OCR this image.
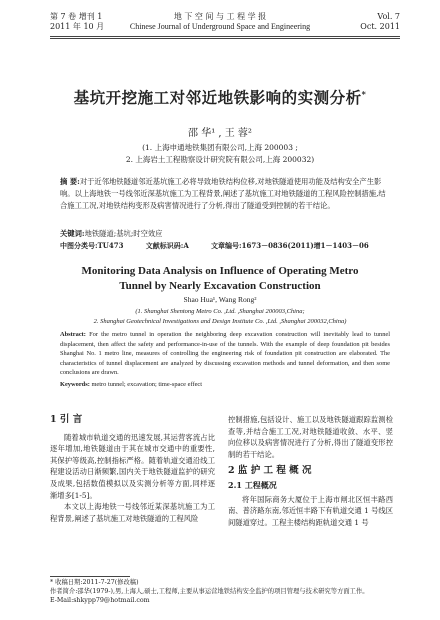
第 7 卷 增刊 1
2011 年 10 月
地 下 空 间 与 工 程 学 报
Chinese Journal of Underground Space and Engineering
Vol. 7
Oct. 2011
基坑开挖施工对邻近地铁影响的实测分析*
邵 华¹ , 王 蓉²
(1. 上海申通地铁集团有限公司,上海 200003 ;
2. 上海岩土工程勘察设计研究院有限公司,上海 200032)
摘 要:对于近邻地铁隧道邻近基坑施工必将导致地铁结构位移,对地铁隧道使用功能及结构安全产生影响。以上海地铁一号线邻近深基坑施工为工程背景,阐述了基坑施工对地铁隧道的工程风险控制措施,结合施工工况,对地铁结构变形及病害情况进行了分析,得出了隧道受到控制的若干结论。
关键词:地铁隧道;基坑;时空效应
中图分类号:TU473	文献标识码:A	文章编号:1673－0836(2011)增1－1403－06
Monitoring Data Analysis on Influence of Operating Metro
Tunnel by Nearly Excavation Construction
Shao Hua¹, Wang Rong²
(1. Shanghai Shentong Metro Co. ,Ltd. ,Shanghai 200003,China;
2. Shanghai Geotechnical Investigations and Design Institute Co. ,Ltd. ,Shanghai 200032,China)
Abstract: For the metro tunnel in operation the neighboring deep excavation construction will inevitably lead to tunnel displacement, then affect the safety and performance-in-use of the tunnels. With the example of deep foundation pit besides Shanghai No. 1 metro line, measures of controlling the engineering risk of foundation pit construction are elaborated. The characteristics of tunnel displacement are analyzed by discussing excavation methods and tunnel deformation, and then some conclusions are drawn.
Keywords: metro tunnel; excavation; time-space effect
1 引 言

随着城市轨道交通的迅速发展,其运营客流占比逐年增加,地铁隧道由于其在城市交通中的重要性,其保护等级高,控制指标严格。随着轨道交通沿线工程建设活动日渐频繁,国内关于地铁隧道监护的研究及成果,包括数值模拟以及实测分析等方面,同样逐渐增多[1-5]。

本文以上海地铁一号线邻近某深基坑施工为工程背景,阐述了基坑施工对地铁隧道的工程风险

控制措施,包括设计、施工以及地铁隧道跟踪监测检查等,并结合施工工况,对地铁隧道收敛、水平、竖向位移以及病害情况进行了分析,得出了隧道变形控制的若干结论。

2 监 护 工 程 概 况
2.1 工程概况

将年国际商务大厦位于上海市闸北区恒丰路西南、普济路东南,邻近恒丰路下有轨道交通 1 号线区间隧道穿过。工程主楼结构距轨道交通 1 号

* 收稿日期:2011-7-27(修改稿)
作者简介:邵华(1979-),男,上海人,硕士,工程师,主要从事运营地铁结构安全监护的项目管理与技术研究等方面工作。
E-Mail:shkypp79@hotmail.com
